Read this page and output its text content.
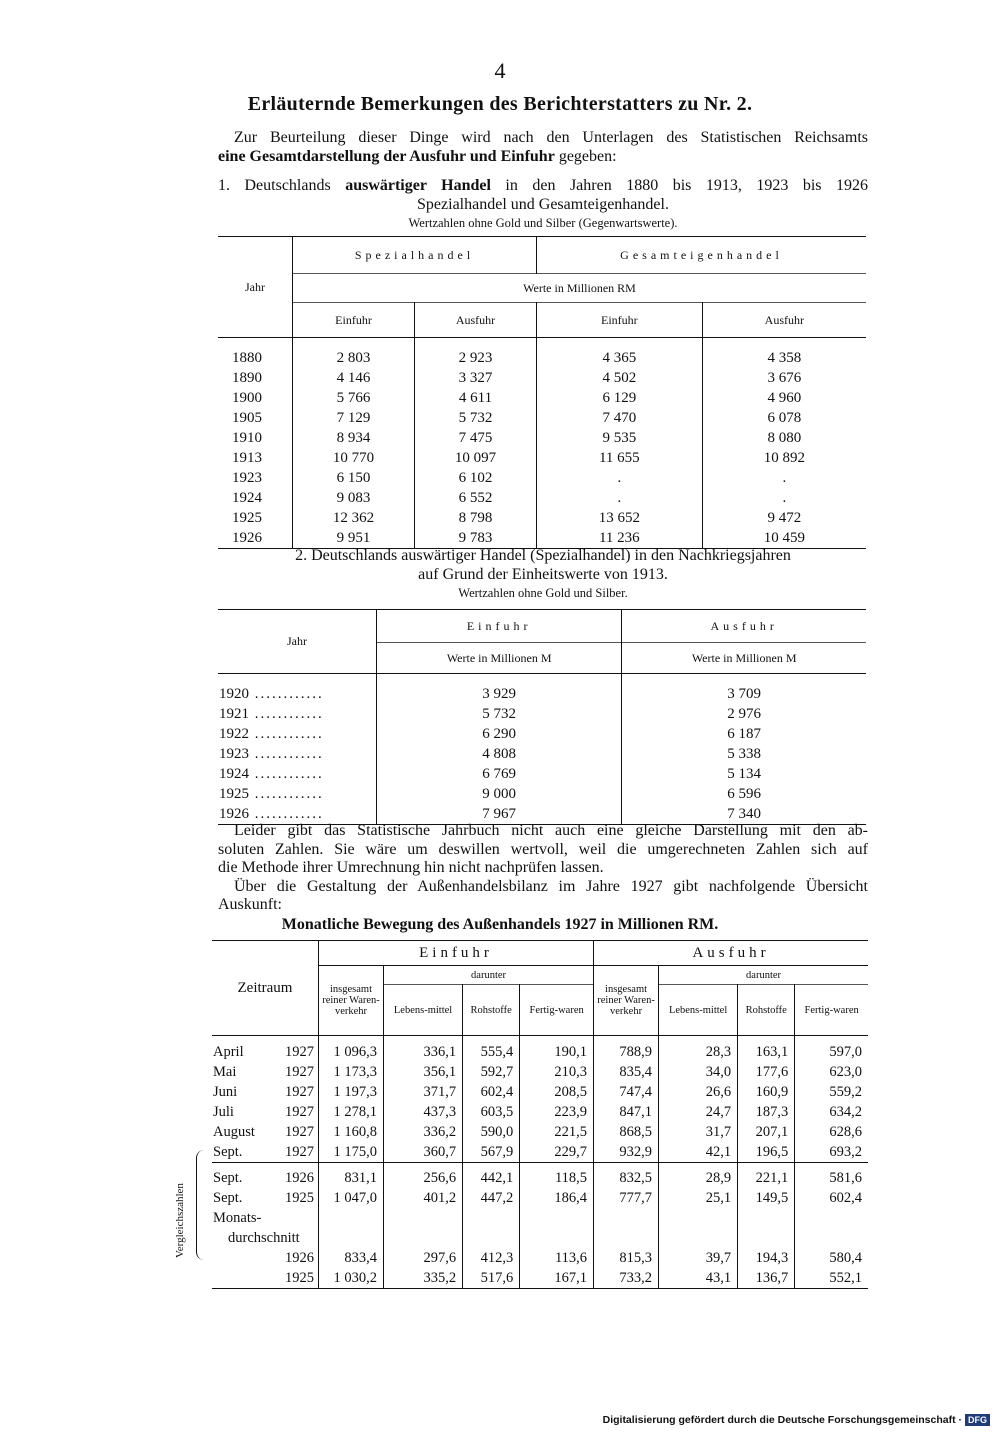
4
Erläuternde Bemerkungen des Berichterstatters zu Nr. 2.
Zur Beurteilung dieser Dinge wird nach den Unterlagen des Statistischen Reichsamts
eine Gesamtdarstellung der Ausfuhr und Einfuhr gegeben:
1. Deutschlands auswärtiger Handel in den Jahren 1880 bis 1913, 1923 bis 1926
Spezialhandel und Gesamteigenhandel.
Wertzahlen ohne Gold und Silber (Gegenwartswerte).
Jahr	Spezialhandel		Gesamteigenhandel	
	Werte in Millionen RM			
	Einfuhr	Ausfuhr	Einfuhr	Ausfuhr

1880	2 803	2 923	4 365	4 358
1890	4 146	3 327	4 502	3 676
1900	5 766	4 611	6 129	4 960
1905	7 129	5 732	7 470	6 078
1910	8 934	7 475	9 535	8 080
1913	10 770	10 097	11 655	10 892
1923	6 150	6 102	.	.
1924	9 083	6 552	.	.
1925	12 362	8 798	13 652	9 472
1926	9 951	9 783	11 236	10 459
2. Deutschlands auswärtiger Handel (Spezialhandel) in den Nachkriegsjahren
auf Grund der Einheitswerte von 1913.
Wertzahlen ohne Gold und Silber.
Jahr	Einfuhr	Ausfuhr
	Werte in Millionen M	Werte in Millionen M

1920 ............	3 929	3 709
1921 ............	5 732	2 976
1922 ............	6 290	6 187
1923 ............	4 808	5 338
1924 ............	6 769	5 134
1925 ............	9 000	6 596
1926 ............	7 967	7 340

Leider gibt das Statistische Jahrbuch nicht auch eine gleiche Darstellung mit den ab-

soluten Zahlen. Sie wäre um deswillen wertvoll, weil die umgerechneten Zahlen sich auf

die Methode ihrer Umrechnung hin nicht nachprüfen lassen.

Über die Gestaltung der Außenhandelsbilanz im Jahre 1927 gibt nachfolgende Übersicht

Auskunft:

Monatliche Bewegung des Außenhandels 1927 in Millionen RM.
Zeitraum	Einfuhr				Ausfuhr			
	insgesamt reiner Waren-verkehr	darunter			insgesamt reiner Waren-verkehr	darunter		
		Lebens-mittel	Rohstoffe	Fertig-waren		Lebens-mittel	Rohstoffe	Fertig-waren

April 1927	1 096,3	336,1	555,4	190,1	788,9	28,3	163,1	597,0

Mai 1927	1 173,3	356,1	592,7	210,3	835,4	34,0	177,6	623,0

Juni 1927	1 197,3	371,7	602,4	208,5	747,4	26,6	160,9	559,2

Juli 1927	1 278,1	437,3	603,5	223,9	847,1	24,7	187,3	634,2

August 1927	1 160,8	336,2	590,0	221,5	868,5	31,7	207,1	628,6

Sept. 1927	1 175,0	360,7	567,9	229,7	932,9	42,1	196,5	693,2

Sept. 1926	831,1	256,6	442,1	118,5	832,5	28,9	221,1	581,6

Sept. 1925	1 047,0	401,2	447,2	186,4	777,7	25,1	149,5	602,4
Monats-								
durchschnitt								

1926	833,4	297,6	412,3	113,6	815,3	39,7	194,3	580,4

1925	1 030,2	335,2	517,6	167,1	733,2	43,1	136,7	552,1
Vergleichszahlen
Digitalisierung gefördert durch die Deutsche Forschungsgemeinschaft · DFG
